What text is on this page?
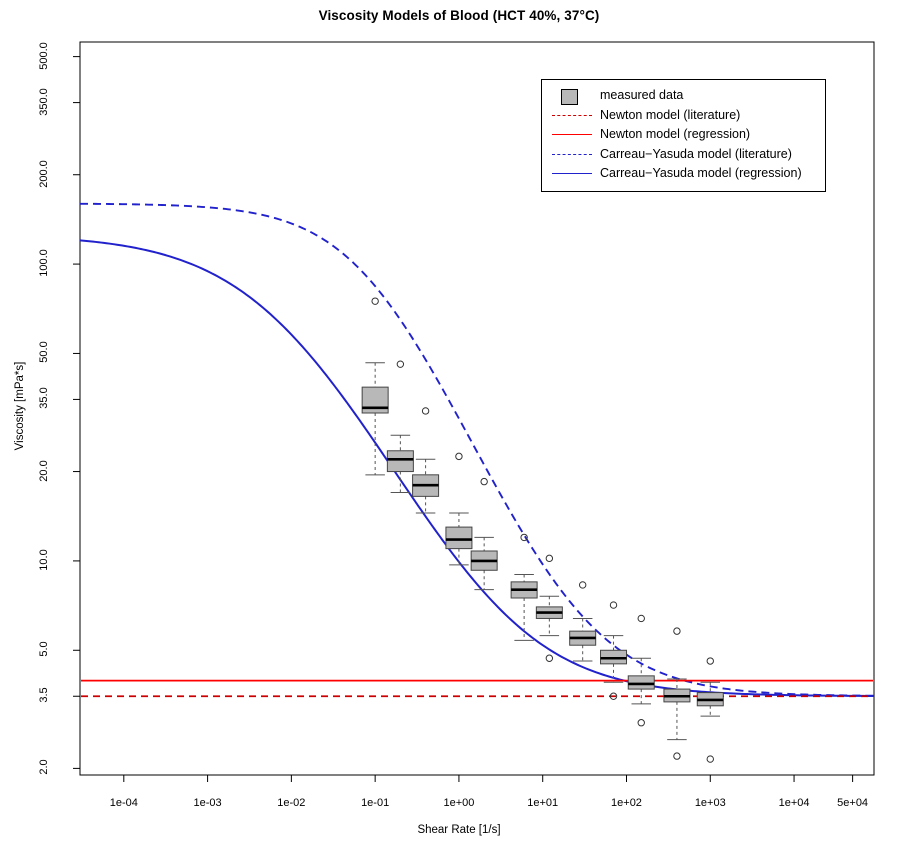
Viscosity Models of Blood (HCT 40%, 37°C)
Viscosity [mPa*s]
Shear Rate [1/s]
1e-04	1e-03	1e-02	1e-01	1e+00	1e+01	1e+02	1e+03	1e+04	5e+04
2.0
3.5
5.0
10.0
20.0
35.0
50.0
100.0
200.0
350.0
500.0
measured data
Newton model (literature)
Newton model (regression)
Carreau−Yasuda model (literature)
Carreau−Yasuda model (regression)
